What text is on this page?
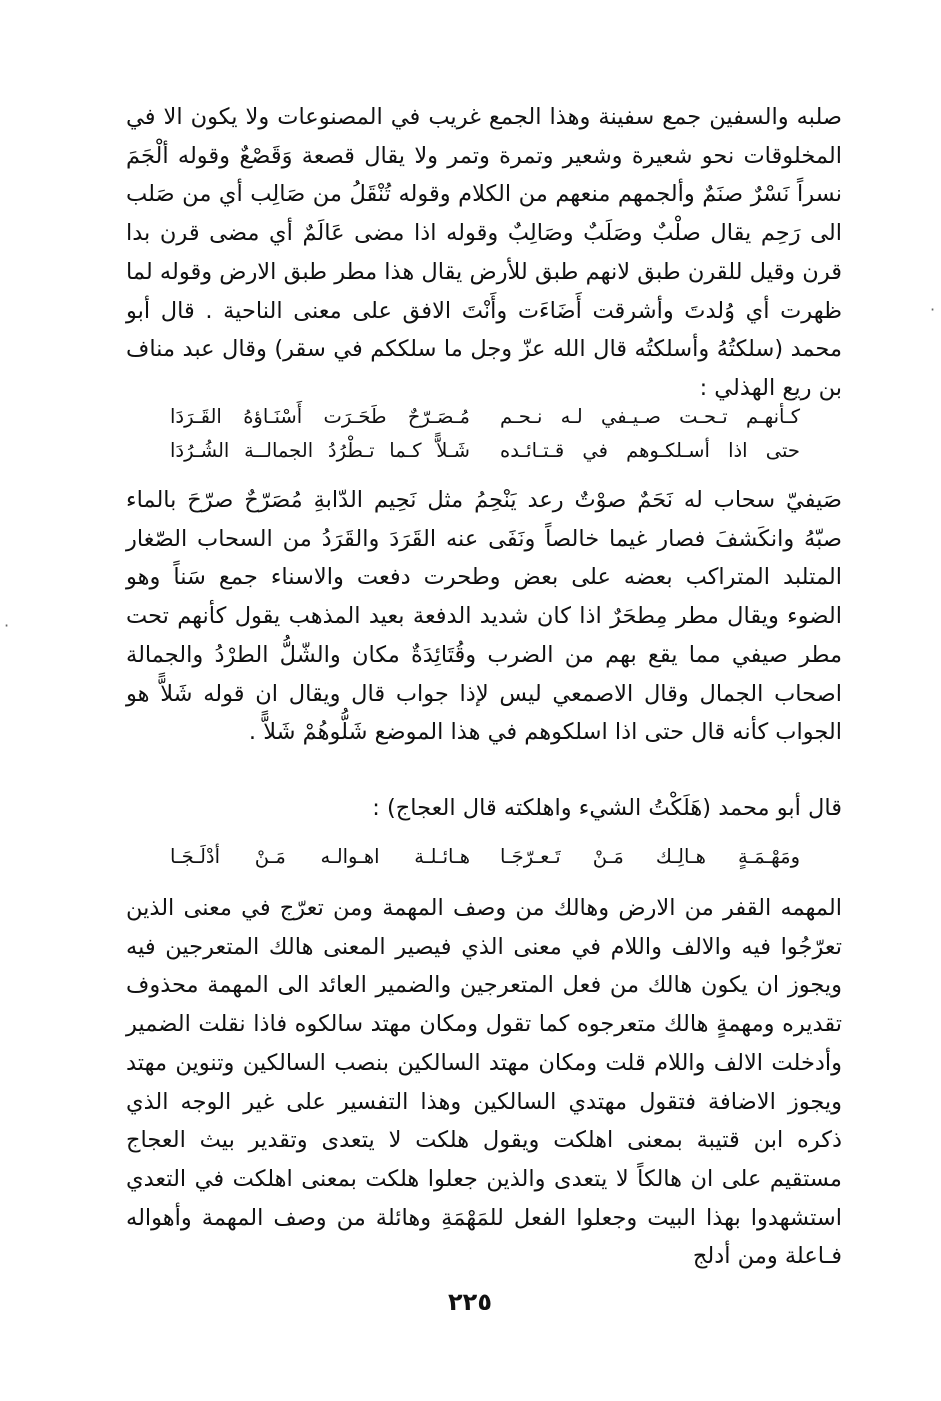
صلبه والسفين جمع سفينة وهذا الجمع غريب في المصنوعات ولا يكون الا في المخلوقات نحو شعيرة وشعير وتمرة وتمر ولا يقال قصعة وَقَصْعٌ وقوله ألْجَمَ نسراً نَسْرٌ صنَمٌ وألجمهم منعهم من الكلام وقوله تُنْقَلُ من صَالِب أي من صَلب الى رَحِم يقال صلْبٌ وصَلَبٌ وصَالِبٌ وقوله اذا مضى عَالَمٌ أي مضى قرن بدا قرن وقيل للقرن طبق لانهم طبق للأرض يقال هذا مطر طبق الارض وقوله لما ظهرت أي وُلدتَ وأشرقت أَضَاءَت وأَنْتَ الافق على معنى الناحية . قال أبو محمد (سلكتُهُ وأسلكتُه قال الله عزّ وجل ما سلككم في سقر) وقال عبد مناف بن ريع الهذلي :

كـأنهـم تـحـت صـيـفي لـه نـحـم
مُـصَـرّحٌ طَحَـرَت أَسْنَـاؤهُ القَـرَدَا
حتى اذا أسـلكـوهم في قـتـائـده
شَـلاًّ كـما تـطْرُدُ الجمالــة الشُـرُدَا

صَيفيّ سحاب له نَحَمٌ صوْتٌ رعد يَنْحِمُ مثل نَحِيم الدّابةِ مُصَرّحٌ صرّحَ بالماء صبّهُ وانكَشفَ فصار غيما خالصاً ونَفَى عنه القَرَدَ والقَرَدُ من السحاب الصّغار المتلبد المتراكب بعضه على بعض وطحرت دفعت والاسناء جمع سَناً وهو الضوء ويقال مطر مِطحَرٌ اذا كان شديد الدفعة بعيد المذهب يقول كأنهم تحت مطر صيفي مما يقع بهم من الضرب وقُتَائِدَةٌ مكان والشّلُّ الطرْدُ والجمالة اصحاب الجمال وقال الاصمعي ليس لإذا جواب قال ويقال ان قوله شَلاًّ هو الجواب كأنه قال حتى اذا اسلكوهم في هذا الموضع شَلُّوهُمْ شَلاًّ .

قال أبو محمد (هَلَكْتُ الشيء واهلكته قال العجاج) :

ومَهْـمَـةٍ هـالِـك مَـنْ تَـعـرّجَـا
هـائـلـة اهـوالـه مَـنْ أدْلَـجَـا

المهمه القفر من الارض وهالك من وصف المهمة ومن تعرّج في معنى الذين تعرّجُوا فيه والالف واللام في معنى الذي فيصير المعنى هالك المتعرجين فيه ويجوز ان يكون هالك من فعل المتعرجين والضمير العائد الى المهمة محذوف تقديره ومهمةٍ هالك متعرجوه كما تقول ومكان مهتد سالكوه فاذا نقلت الضمير وأدخلت الالف واللام قلت ومكان مهتد السالكين بنصب السالكين وتنوين مهتد ويجوز الاضافة فتقول مهتدي السالكين وهذا التفسير على غير الوجه الذي ذكره ابن قتيبة بمعنى اهلكت ويقول هلكت لا يتعدى وتقدير بيث العجاج مستقيم على ان هالكاً لا يتعدى والذين جعلوا هلكت بمعنى اهلكت في التعدي استشهدوا بهذا البيت وجعلوا الفعل للمَهْمَةِ وهائلة من وصف المهمة وأهواله فـاعلة ومن أدلج

٢٢٥
·
·
